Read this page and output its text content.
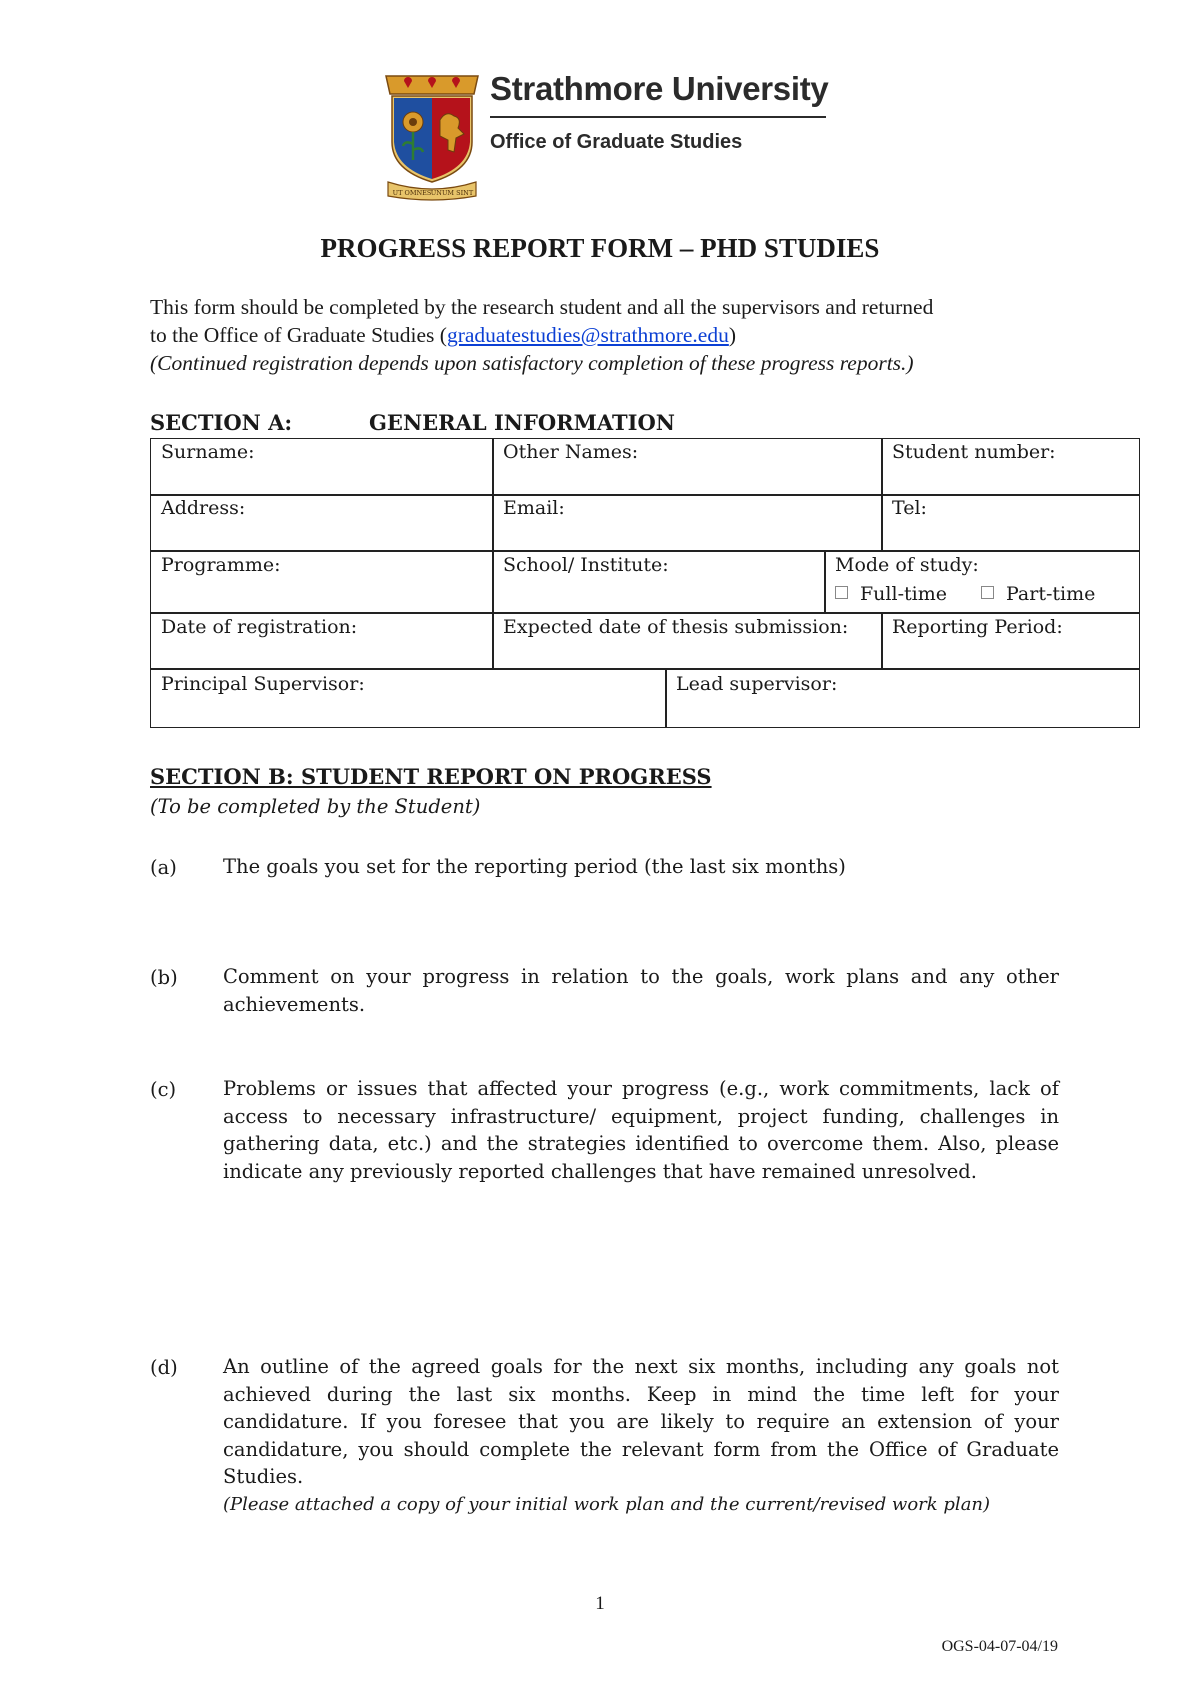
UT OMNES UNUM SINT
Strathmore University
Office of Graduate Studies
PROGRESS REPORT FORM – PHD STUDIES
This form should be completed by the research student and all the supervisors and returned
to the Office of Graduate Studies (graduatestudies@strathmore.edu)
(Continued registration depends upon satisfactory completion of these progress reports.)
SECTION A:	GENERAL INFORMATION
Surname:	Other Names:	Student number:
Address:	Email:	Tel:
Programme:	School/ Institute:	Mode of study:
Full-time	Part-time
Date of registration:	Expected date of thesis submission: Reporting Period:
Principal Supervisor:	Lead supervisor:
SECTION B: STUDENT REPORT ON PROGRESS
(To be completed by the Student)
(a) The goals you set for the reporting period (the last six months)
(b) Comment on your progress in relation to the goals, work plans and any other achievements.
(c) Problems or issues that affected your progress (e.g., work commitments, lack of access to necessary infrastructure/ equipment, project funding, challenges in gathering data, etc.) and the strategies identified to overcome them. Also, please indicate any previously reported challenges that have remained unresolved.
(d) An outline of the agreed goals for the next six months, including any goals not achieved during the last six months. Keep in mind the time left for your candidature. If you foresee that you are likely to require an extension of your candidature, you should complete the relevant form from the Office of Graduate Studies.
(Please attached a copy of your initial work plan and the current/revised work plan)
1
OGS-04-07-04/19
